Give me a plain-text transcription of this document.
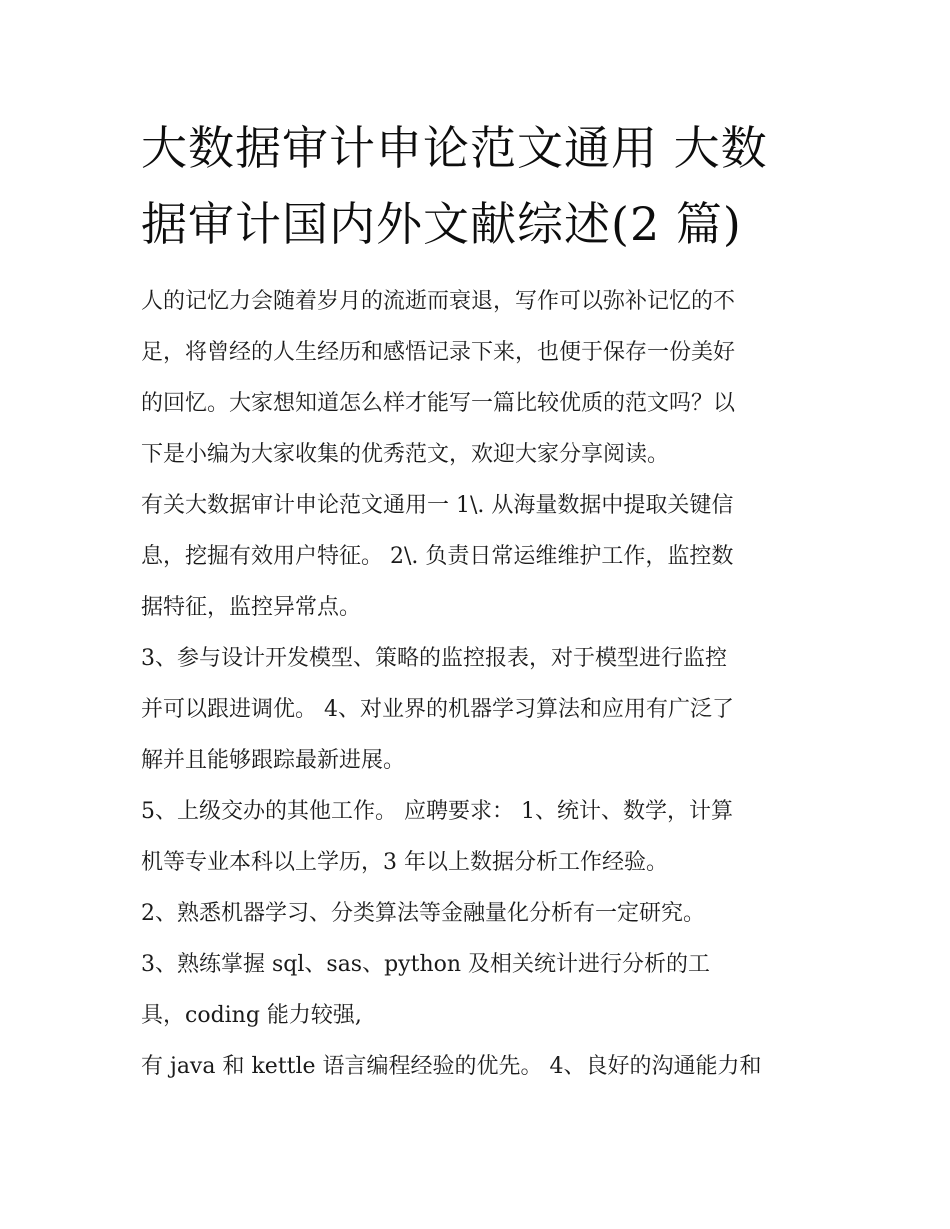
大数据审计申论范文通用 大数
据审计国内外文献综述(2 篇)

人的记忆力会随着岁月的流逝而衰退，写作可以弥补记忆的不
足，将曾经的人生经历和感悟记录下来，也便于保存一份美好
的回忆。大家想知道怎么样才能写一篇比较优质的范文吗？以
下是小编为大家收集的优秀范文，欢迎大家分享阅读。

有关大数据审计申论范文通用一 1\. 从海量数据中提取关键信
息，挖掘有效用户特征。 2\. 负责日常运维维护工作，监控数
据特征，监控异常点。

3、参与设计开发模型、策略的监控报表，对于模型进行监控
并可以跟进调优。 4、对业界的机器学习算法和应用有广泛了
解并且能够跟踪最新进展。

5、上级交办的其他工作。 应聘要求： 1、统计、数学，计算
机等专业本科以上学历，3 年以上数据分析工作经验。

2、熟悉机器学习、分类算法等金融量化分析有一定研究。

3、熟练掌握 sql、sas、python 及相关统计进行分析的工
具，coding 能力较强,

有 java 和 kettle 语言编程经验的优先。 4、良好的沟通能力和
